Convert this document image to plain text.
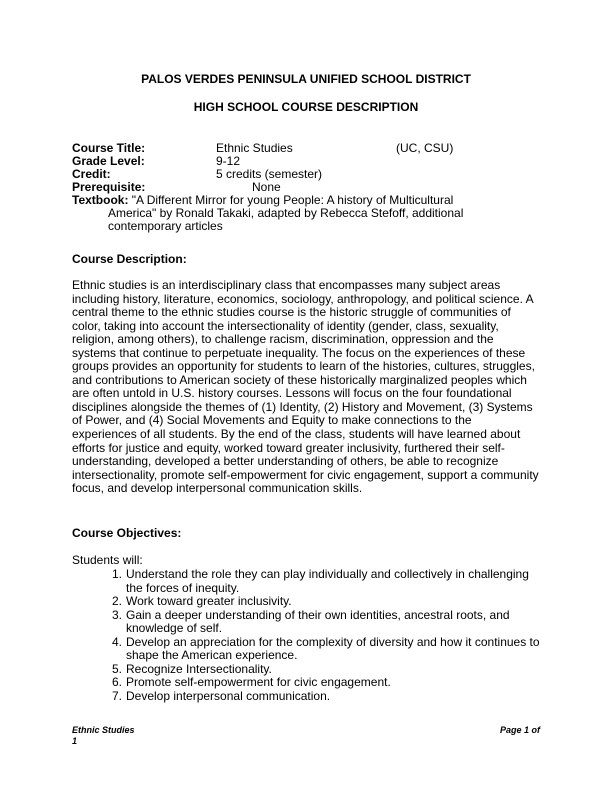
PALOS VERDES PENINSULA UNIFIED SCHOOL DISTRICT
HIGH SCHOOL COURSE DESCRIPTION
Course Title:	Ethnic Studies	(UC, CSU)
Grade Level:	9-12
Credit:	5 credits (semester)
Prerequisite:	None
Textbook: "A Different Mirror for young People: A history of Multicultural
America" by Ronald Takaki, adapted by Rebecca Stefoff, additional
contemporary articles
Course Description:
Ethnic studies is an interdisciplinary class that encompasses many subject areas
including history, literature, economics, sociology, anthropology, and political science. A
central theme to the ethnic studies course is the historic struggle of communities of
color, taking into account the intersectionality of identity (gender, class, sexuality,
religion, among others), to challenge racism, discrimination, oppression and the
systems that continue to perpetuate inequality. The focus on the experiences of these
groups provides an opportunity for students to learn of the histories, cultures, struggles,
and contributions to American society of these historically marginalized peoples which
are often untold in U.S. history courses. Lessons will focus on the four foundational
disciplines alongside the themes of (1) Identity, (2) History and Movement, (3) Systems
of Power, and (4) Social Movements and Equity to make connections to the
experiences of all students. By the end of the class, students will have learned about
efforts for justice and equity, worked toward greater inclusivity, furthered their self-
understanding, developed a better understanding of others, be able to recognize
intersectionality, promote self-empowerment for civic engagement, support a community
focus, and develop interpersonal communication skills.
Course Objectives:
Students will:
1. Understand the role they can play individually and collectively in challenging
the forces of inequity.
2. Work toward greater inclusivity.
3. Gain a deeper understanding of their own identities, ancestral roots, and
knowledge of self.
4. Develop an appreciation for the complexity of diversity and how it continues to
shape the American experience.
5. Recognize Intersectionality.
6. Promote self-empowerment for civic engagement.
7. Develop interpersonal communication.
Ethnic Studies
1
Page 1 of
